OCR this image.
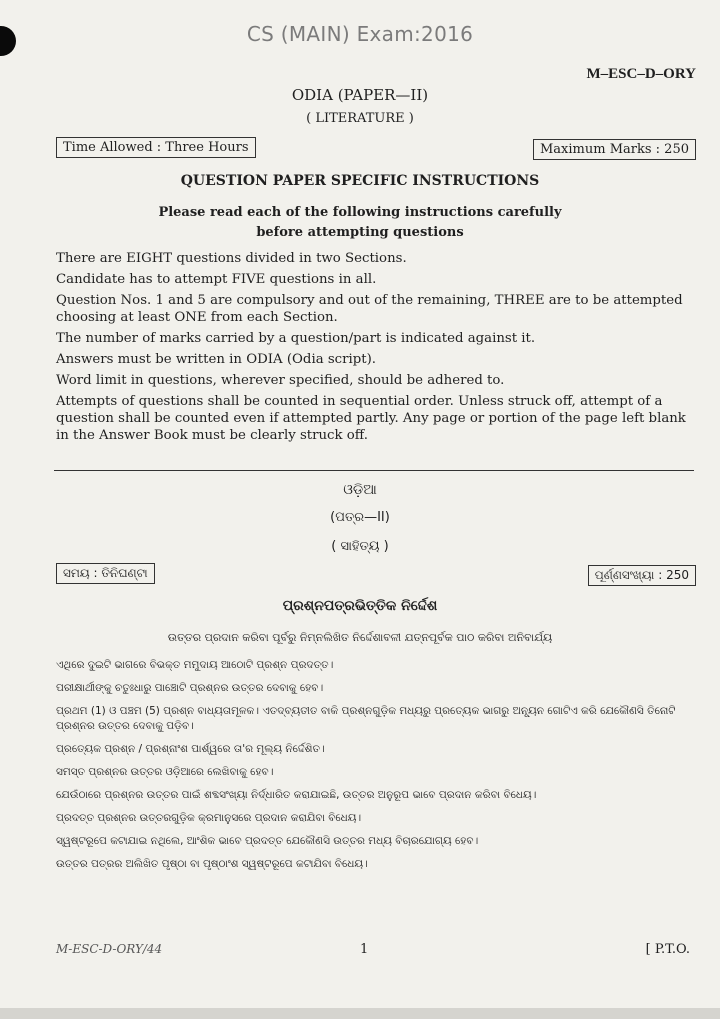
CS (MAIN) Exam:2016
M–ESC–D–ORY
ODIA (PAPER—II)
( LITERATURE )
Time Allowed : Three Hours	Maximum Marks : 250
QUESTION PAPER SPECIFIC INSTRUCTIONS
Please read each of the following instructions carefully
before attempting questions

There are EIGHT questions divided in two Sections.

Candidate has to attempt FIVE questions in all.

Question Nos. 1 and 5 are compulsory and out of the remaining, THREE are to be attempted choosing at least ONE from each Section.

The number of marks carried by a question/part is indicated against it.

Answers must be written in ODIA (Odia script).

Word limit in questions, wherever specified, should be adhered to.

Attempts of questions shall be counted in sequential order. Unless struck off, attempt of a question shall be counted even if attempted partly. Any page or portion of the page left blank in the Answer Book must be clearly struck off.

ଓଡ଼ିଆ
(ପତ୍ର—II)
( ସାହିତ୍ୟ )
ସମୟ : ତିନିଘଣ୍ଟା	ପୂର୍ଣ୍ଣସଂଖ୍ୟା : 250
ପ୍ରଶ୍ନପତ୍ରଭିତ୍ତିକ ନିର୍ଦ୍ଦେଶ
ଉତ୍ତର ପ୍ରଦାନ କରିବା ପୂର୍ବରୁ ନିମ୍ନଲିଖିତ ନିର୍ଦ୍ଦେଶାବଳୀ ଯତ୍ନପୂର୍ବକ ପାଠ କରିବା ଅନିବାର୍ଯ୍ୟ

ଏଥିରେ ଦୁଇଟି ଭାଗରେ ବିଭକ୍ତ ମମୁଦାୟ ଆଠୋଟି ପ୍ରଶ୍ନ ପ୍ରଦତ୍ତ।

ପରୀକ୍ଷାର୍ଥୀଙ୍କୁ ଚତୁଃଧାରୁ ପାଞ୍ଚୋଟି ପ୍ରଶ୍ନର ଉତ୍ତର ଦେବାକୁ ହେବ।

ପ୍ରଥମ (1) ଓ ପଞ୍ଚମ (5) ପ୍ରଶ୍ନ ବାଧ୍ୟତାମୂଳକ। ଏତଦ୍‌ବ୍ୟତୀତ ବାକି ପ୍ରଶ୍ନଗୁଡ଼ିକ ମଧ୍ୟରୁ ପ୍ରତ୍ୟେକ ଭାଗରୁ ଅନ୍ୟୂନ ଗୋଟିଏ କରି ଯେକୌଣସି ତିନୋଟି ପ୍ରଶ୍ନର ଉତ୍ତର ଦେବାକୁ ପଡ଼ିବ।

ପ୍ରତ୍ୟେକ ପ୍ରଶ୍ନ / ପ୍ରଶ୍ନାଂଶ ପାର୍ଶ୍ୱରେ ତା'ର ମୂଲ୍ୟ ନିର୍ଦ୍ଦେଶିତ।

ସମସ୍ତ ପ୍ରଶ୍ନର ଉତ୍ତର ଓଡ଼ିଆରେ ଲେଖିବାକୁ ହେବ।

ଯେଉଁଠାରେ ପ୍ରଶ୍ନର ଉତ୍ତର ପାଇଁ ଶବ୍ଦସଂଖ୍ୟା ନିର୍ଦ୍ଧାରିତ କରାଯାଇଛି, ଉତ୍ତର ଅନୁରୂପ ଭାବେ ପ୍ରଦାନ କରିବା ବିଧେୟ।

ପ୍ରଦତ୍ତ ପ୍ରଶ୍ନର ଉତ୍ତରଗୁଡ଼ିକ କ୍ରମାନୁସରେ ପ୍ରଦାନ କରାଯିବା ବିଧେୟ।

ସ୍ୱଷ୍ଟରୂପେ କଟାଯାଇ ନଥିଲେ, ଆଂଶିକ ଭାବେ ପ୍ରଦତ୍ତ ଯେକୌଣସି ଉତ୍ତର ମଧ୍ୟ ବିଚାରଯୋଗ୍ୟ ହେବ।

ଉତ୍ତର ପତ୍ରର ଅଲିଖିତ ପୃଷ୍ଠା ବା ପୃଷ୍ଠାଂଶ ସ୍ୱଷ୍ଟରୂପେ କଟାଯିବା ବିଧେୟ।

M-ESC-D-ORY/44	1	[ P.T.O.
